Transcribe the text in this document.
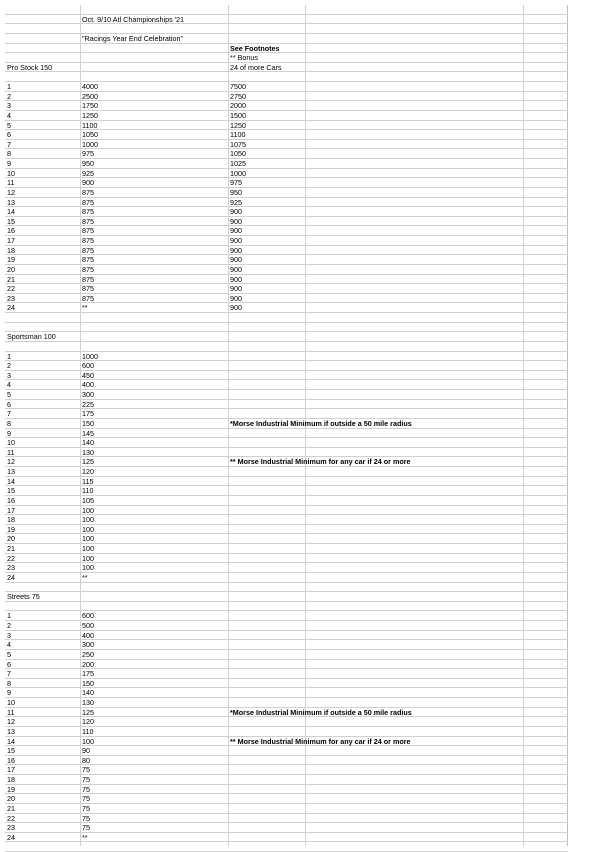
Oct. 9/10 Atl Championships '21
"Racings Year End Celebration"
See Footnotes
** Bonus
Pro Stock 150	24 of more Cars
1	4000	7500
2	2500	2750
3	1750	2000
4	1250	1500
5	1100	1250
6	1050	1100
7	1000	1075
8	975	1050
9	950	1025
10	925	1000
11	900	975
12	875	950
13	875	925
14	875	900
15	875	900
16	875	900
17	875	900
18	875	900
19	875	900
20	875	900
21	875	900
22	875	900
23	875	900
24	**	900
Sportsman 100
1	1000
2	600
3	450
4	400
5	300
6	225
7	175
8	150	*Morse Industrial Minimum if outside a 50 mile radius
9	145
10	140
11	130
12	125	** Morse Industrial Minimum for any car if 24 or more
13	120
14	115
15	110
16	105
17	100
18	100
19	100
20	100
21	100
22	100
23	100
24	**
Streets 75
1	600
2	500
3	400
4	300
5	250
6	200
7	175
8	150
9	140
10	130
11	125	*Morse Industrial Minimum if outside a 50 mile radius
12	120
13	110
14	100	** Morse Industrial Minimum for any car if 24 or more
15	90
16	80
17	75
18	75
19	75
20	75
21	75
22	75
23	75
24	**
